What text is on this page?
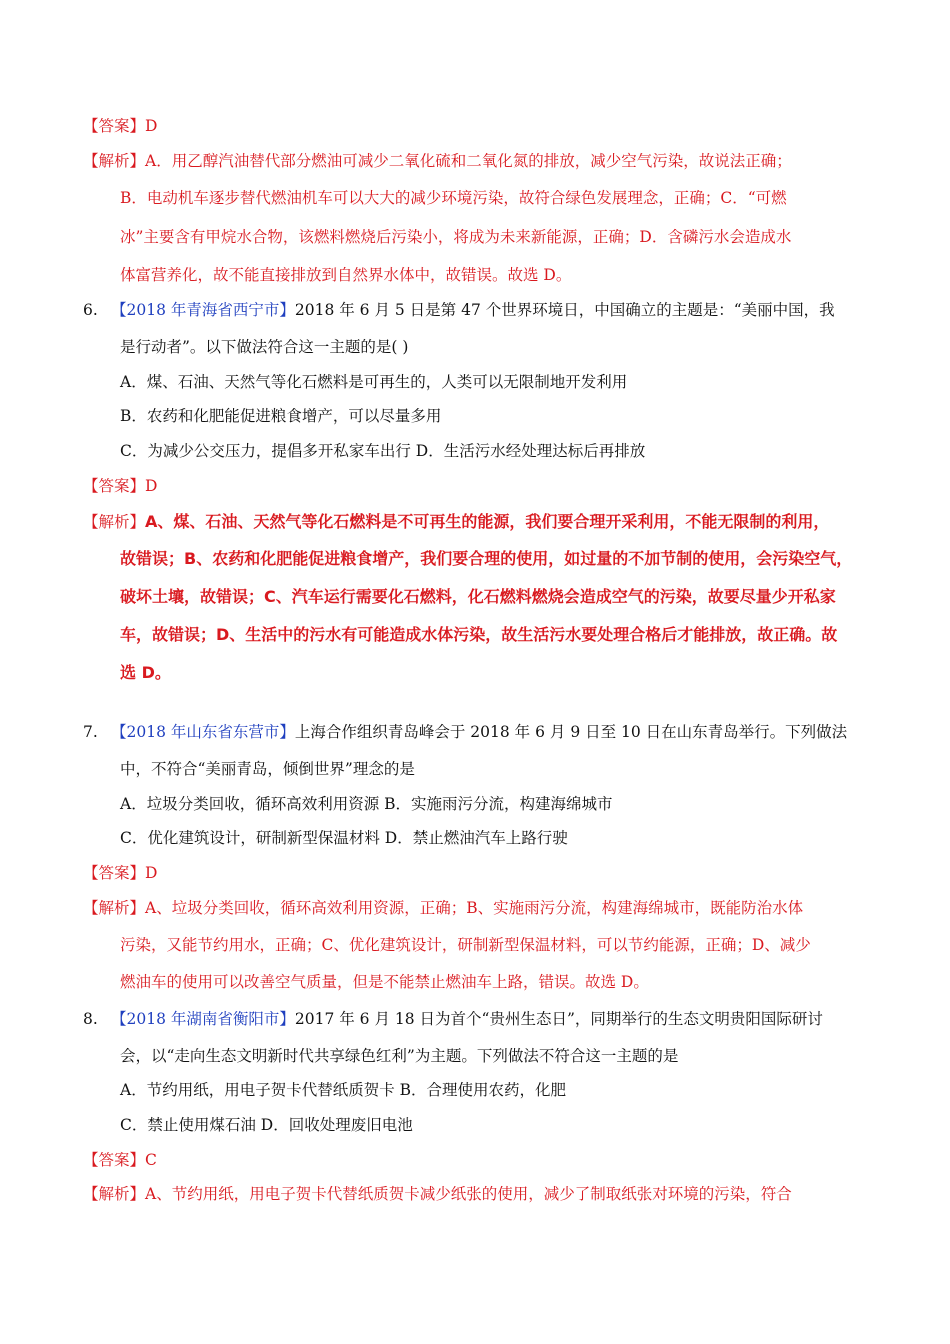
【答案】D
【解析】A．用乙醇汽油替代部分燃油可减少二氧化硫和二氧化氮的排放，减少空气污染，故说法正确；
B．电动机车逐步替代燃油机车可以大大的减少环境污染，故符合绿色发展理念，正确；C．“可燃
冰”主要含有甲烷水合物，该燃料燃烧后污染小，将成为未来新能源，正确；D．含磷污水会造成水
体富营养化，故不能直接排放到自然界水体中，故错误。故选 D。
6. 【2018 年青海省西宁市】2018 年 6 月 5 日是第 47 个世界环境日，中国确立的主题是：“美丽中国，我
是行动者”。以下做法符合这一主题的是( )
A．煤、石油、天然气等化石燃料是可再生的，人类可以无限制地开发利用
B．农药和化肥能促进粮食增产，可以尽量多用
C．为减少公交压力，提倡多开私家车出行 D．生活污水经处理达标后再排放
【答案】D
【解析】A、煤、石油、天然气等化石燃料是不可再生的能源，我们要合理开采利用，不能无限制的利用，
故错误；B、农药和化肥能促进粮食增产，我们要合理的使用，如过量的不加节制的使用，会污染空气，
破坏土壤，故错误；C、汽车运行需要化石燃料，化石燃料燃烧会造成空气的污染，故要尽量少开私家
车，故错误；D、生活中的污水有可能造成水体污染，故生活污水要处理合格后才能排放，故正确。故
选 D。
7. 【2018 年山东省东营市】上海合作组织青岛峰会于 2018 年 6 月 9 日至 10 日在山东青岛举行。下列做法
中，不符合“美丽青岛，倾倒世界”理念的是
A．垃圾分类回收，循环高效利用资源 B．实施雨污分流，构建海绵城市
C．优化建筑设计，研制新型保温材料 D．禁止燃油汽车上路行驶
【答案】D
【解析】A、垃圾分类回收，循环高效利用资源，正确；B、实施雨污分流，构建海绵城市，既能防治水体
污染，又能节约用水，正确；C、优化建筑设计，研制新型保温材料，可以节约能源，正确；D、减少
燃油车的使用可以改善空气质量，但是不能禁止燃油车上路，错误。故选 D。
8. 【2018 年湖南省衡阳市】2017 年 6 月 18 日为首个“贵州生态日”，同期举行的生态文明贵阳国际研讨
会，以“走向生态文明新时代共享绿色红利”为主题。下列做法不符合这一主题的是
A．节约用纸，用电子贺卡代替纸质贺卡 B．合理使用农药，化肥
C．禁止使用煤石油 D．回收处理废旧电池
【答案】C
【解析】A、节约用纸，用电子贺卡代替纸质贺卡减少纸张的使用，减少了制取纸张对环境的污染，符合
